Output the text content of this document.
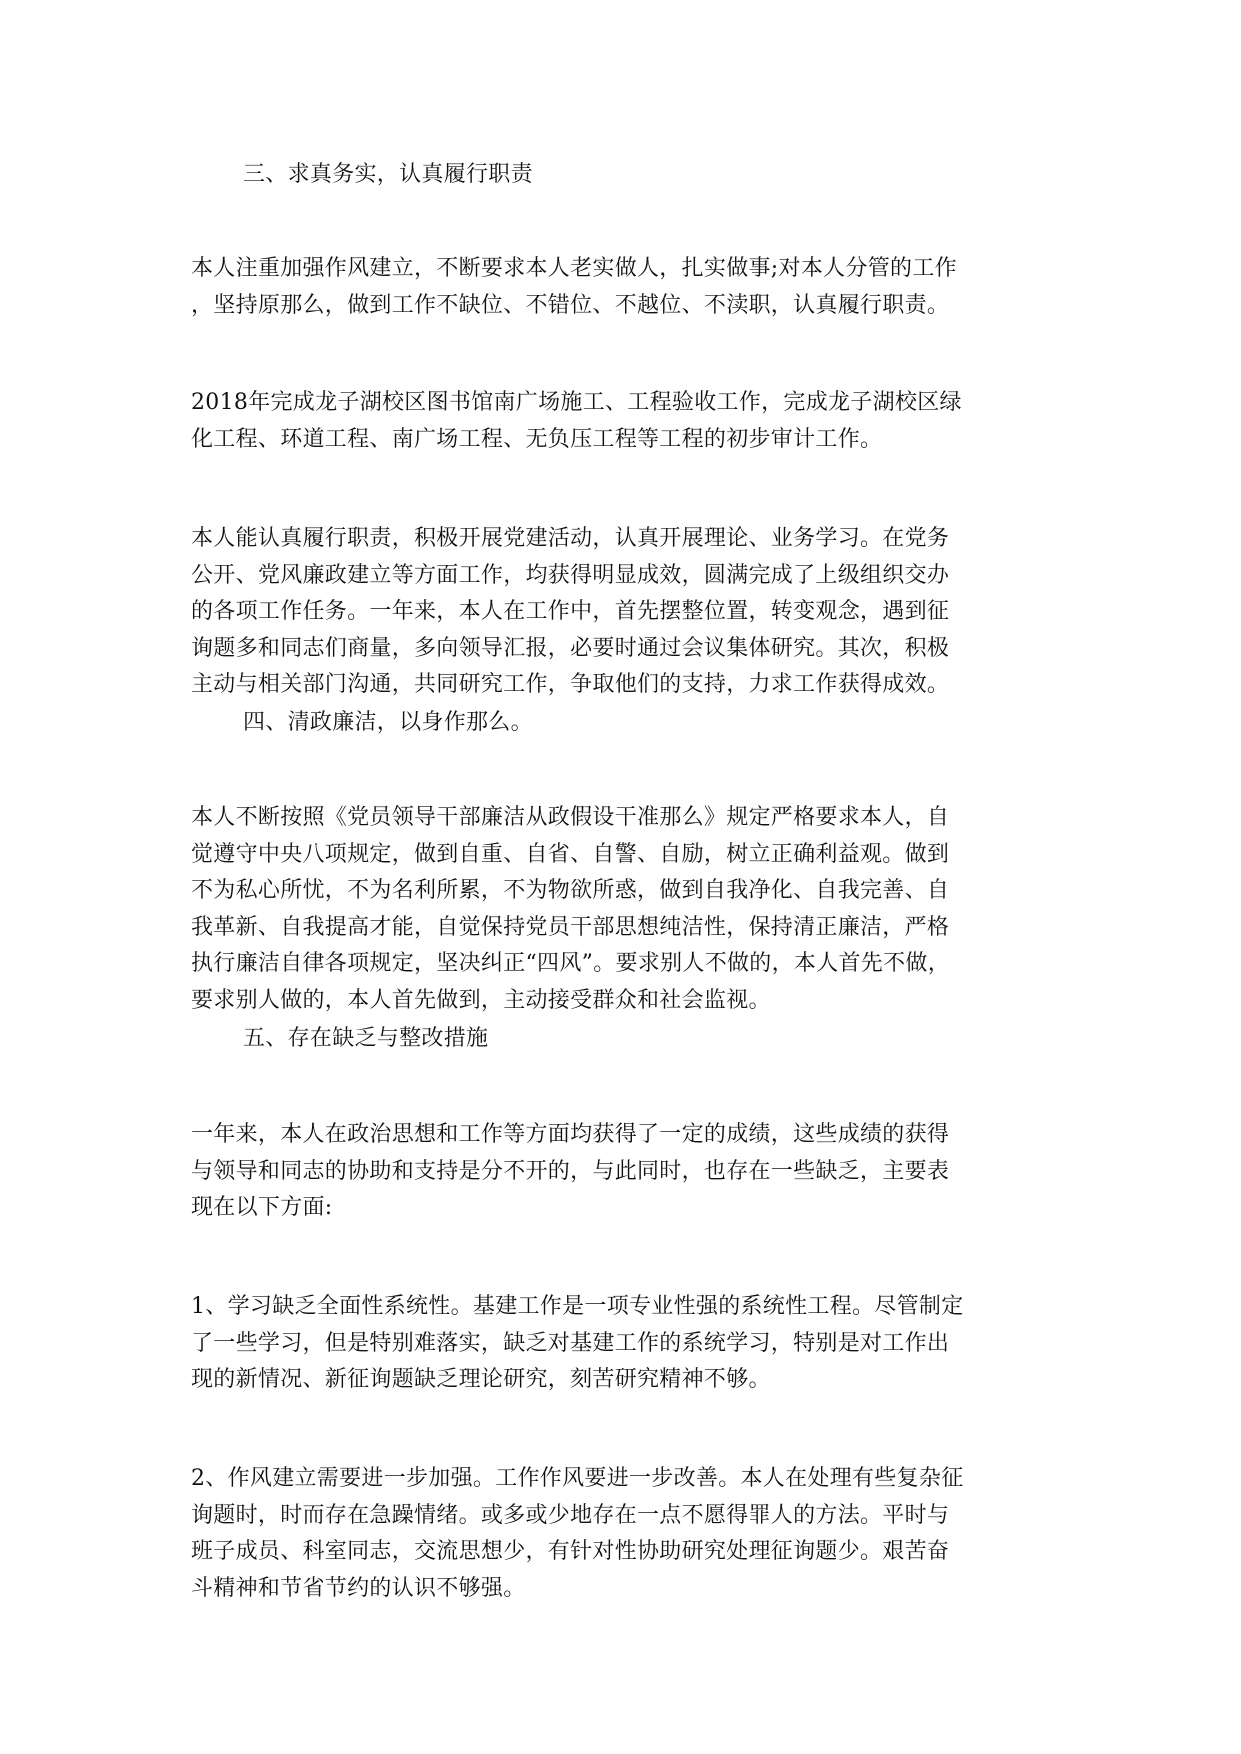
三、求真务实，认真履行职责

本人注重加强作风建立，不断要求本人老实做人，扎实做事;对本人分管的工作
，坚持原那么，做到工作不缺位、不错位、不越位、不渎职，认真履行职责。

2018年完成龙子湖校区图书馆南广场施工、工程验收工作，完成龙子湖校区绿
化工程、环道工程、南广场工程、无负压工程等工程的初步审计工作。

本人能认真履行职责，积极开展党建活动，认真开展理论、业务学习。在党务
公开、党风廉政建立等方面工作，均获得明显成效，圆满完成了上级组织交办
的各项工作任务。一年来，本人在工作中，首先摆整位置，转变观念，遇到征
询题多和同志们商量，多向领导汇报，必要时通过会议集体研究。其次，积极
主动与相关部门沟通，共同研究工作，争取他们的支持，力求工作获得成效。

四、清政廉洁，以身作那么。

本人不断按照《党员领导干部廉洁从政假设干准那么》规定严格要求本人，自
觉遵守中央八项规定，做到自重、自省、自警、自励，树立正确利益观。做到
不为私心所忧，不为名利所累，不为物欲所惑，做到自我净化、自我完善、自
我革新、自我提高才能，自觉保持党员干部思想纯洁性，保持清正廉洁，严格
执行廉洁自律各项规定，坚决纠正“四风”。要求别人不做的，本人首先不做，
要求别人做的，本人首先做到，主动接受群众和社会监视。

五、存在缺乏与整改措施

一年来，本人在政治思想和工作等方面均获得了一定的成绩，这些成绩的获得
与领导和同志的协助和支持是分不开的，与此同时，也存在一些缺乏，主要表
现在以下方面:

1、学习缺乏全面性系统性。基建工作是一项专业性强的系统性工程。尽管制定
了一些学习，但是特别难落实，缺乏对基建工作的系统学习，特别是对工作出
现的新情况、新征询题缺乏理论研究，刻苦研究精神不够。

2、作风建立需要进一步加强。工作作风要进一步改善。本人在处理有些复杂征
询题时，时而存在急躁情绪。或多或少地存在一点不愿得罪人的方法。平时与
班子成员、科室同志，交流思想少，有针对性协助研究处理征询题少。艰苦奋
斗精神和节省节约的认识不够强。
